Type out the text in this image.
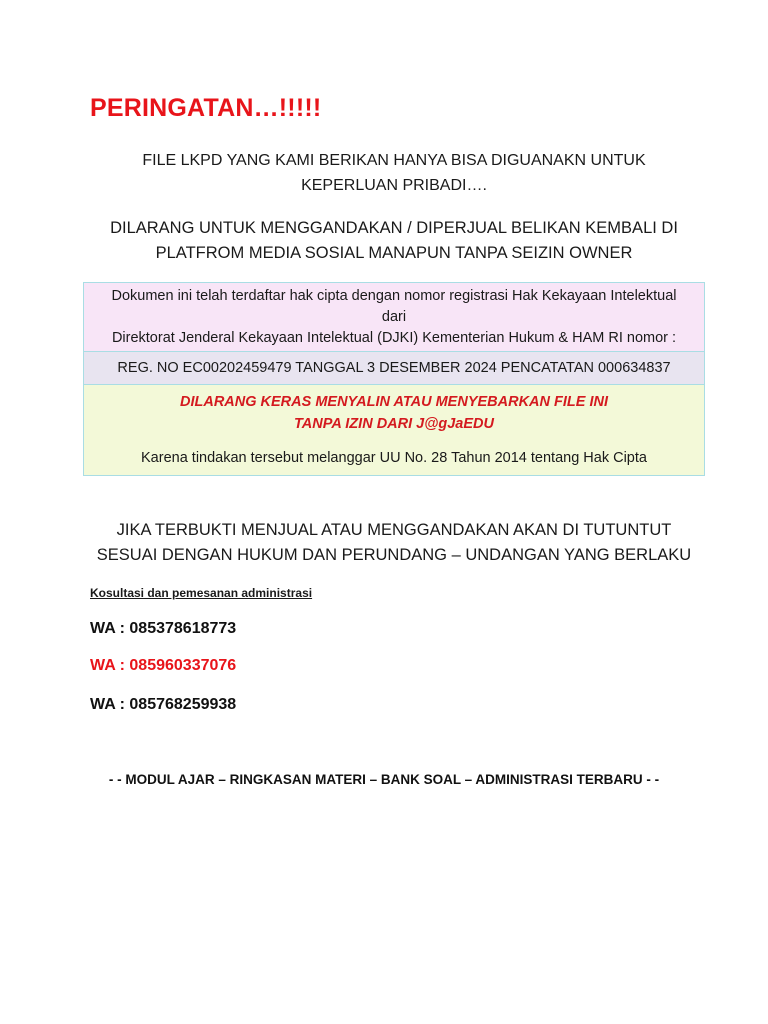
PERINGATAN…!!!!!
FILE LKPD YANG KAMI BERIKAN HANYA BISA DIGUANAKN UNTUK
KEPERLUAN PRIBADI….
DILARANG UNTUK MENGGANDAKAN / DIPERJUAL BELIKAN KEMBALI DI
PLATFROM MEDIA SOSIAL MANAPUN TANPA SEIZIN OWNER
Dokumen ini telah terdaftar hak cipta dengan nomor registrasi Hak Kekayaan Intelektual
dari
Direktorat Jenderal Kekayaan Intelektual (DJKI) Kementerian Hukum & HAM RI nomor :
REG. NO EC00202459479 TANGGAL 3 DESEMBER 2024 PENCATATAN 000634837
DILARANG KERAS MENYALIN ATAU MENYEBARKAN FILE INI
TANPA IZIN DARI J@gJaEDU
Karena tindakan tersebut melanggar UU No. 28 Tahun 2014 tentang Hak Cipta
JIKA TERBUKTI MENJUAL ATAU MENGGANDAKAN AKAN DI TUTUNTUT
SESUAI DENGAN HUKUM DAN PERUNDANG – UNDANGAN YANG BERLAKU
Kosultasi dan pemesanan administrasi
WA : 085378618773
WA : 085960337076
WA : 085768259938
- - MODUL AJAR – RINGKASAN MATERI – BANK SOAL – ADMINISTRASI TERBARU - -
